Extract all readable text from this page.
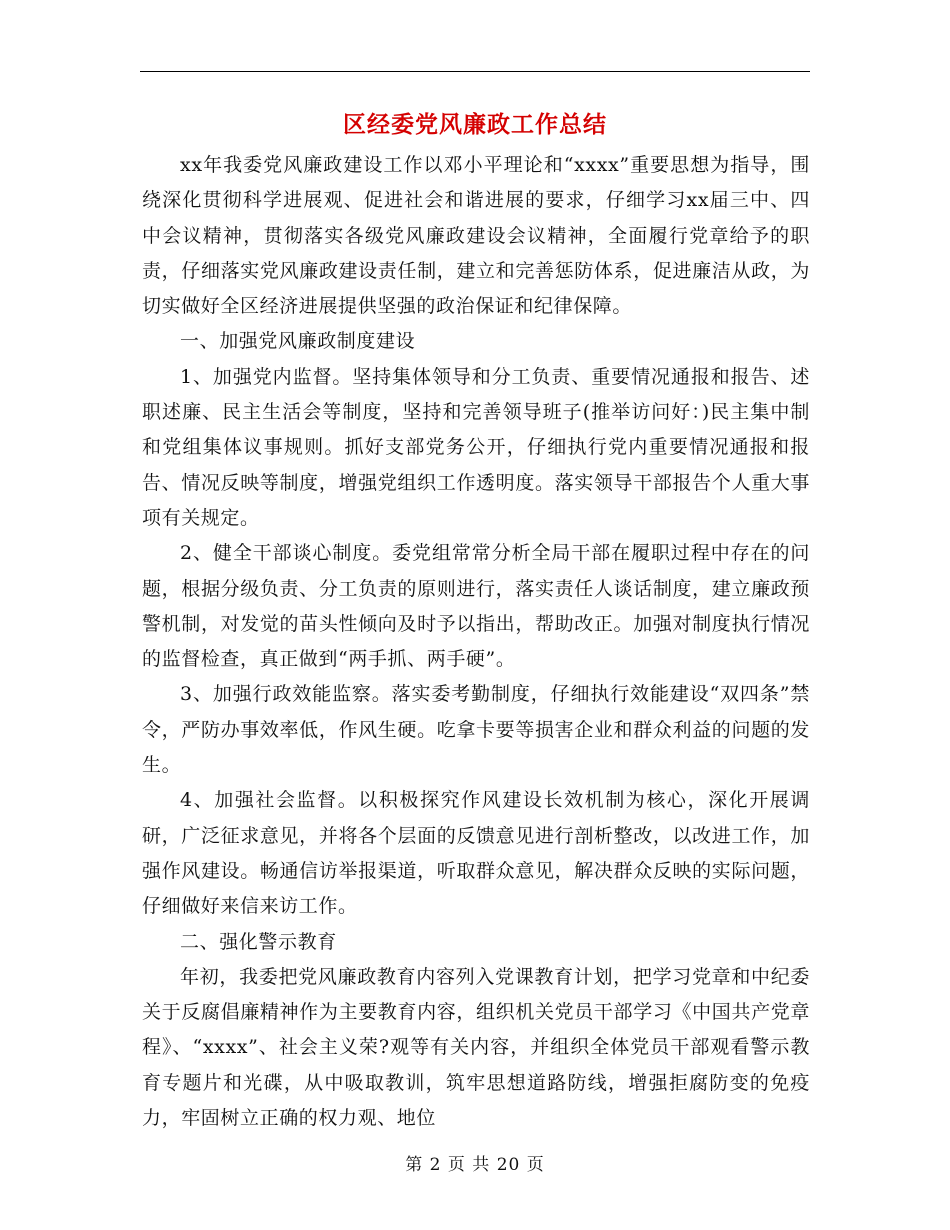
区经委党风廉政工作总结

xx年我委党风廉政建设工作以邓小平理论和“xxxx”重要思想为指导，围绕深化贯彻科学进展观、促进社会和谐进展的要求，仔细学习xx届三中、四中会议精神，贯彻落实各级党风廉政建设会议精神，全面履行党章给予的职责，仔细落实党风廉政建设责任制，建立和完善惩防体系，促进廉洁从政，为切实做好全区经济进展提供坚强的政治保证和纪律保障。

一、加强党风廉政制度建设

1、加强党内监督。坚持集体领导和分工负责、重要情况通报和报告、述职述廉、民主生活会等制度，坚持和完善领导班子(推举访问好：)民主集中制和党组集体议事规则。抓好支部党务公开，仔细执行党内重要情况通报和报告、情况反映等制度，增强党组织工作透明度。落实领导干部报告个人重大事项有关规定。

2、健全干部谈心制度。委党组常常分析全局干部在履职过程中存在的问题，根据分级负责、分工负责的原则进行，落实责任人谈话制度，建立廉政预警机制，对发觉的苗头性倾向及时予以指出，帮助改正。加强对制度执行情况的监督检查，真正做到“两手抓、两手硬”。

3、加强行政效能监察。落实委考勤制度，仔细执行效能建设“双四条”禁令，严防办事效率低，作风生硬。吃拿卡要等损害企业和群众利益的问题的发生。

4、加强社会监督。以积极探究作风建设长效机制为核心，深化开展调研，广泛征求意见，并将各个层面的反馈意见进行剖析整改，以改进工作，加强作风建设。畅通信访举报渠道，听取群众意见，解决群众反映的实际问题，仔细做好来信来访工作。

二、强化警示教育

年初，我委把党风廉政教育内容列入党课教育计划，把学习党章和中纪委关于反腐倡廉精神作为主要教育内容，组织机关党员干部学习《中国共产党章程》、“xxxx”、社会主义荣?观等有关内容，并组织全体党员干部观看警示教育专题片和光碟，从中吸取教训，筑牢思想道路防线，增强拒腐防变的免疫力，牢固树立正确的权力观、地位

第 2 页 共 20 页
